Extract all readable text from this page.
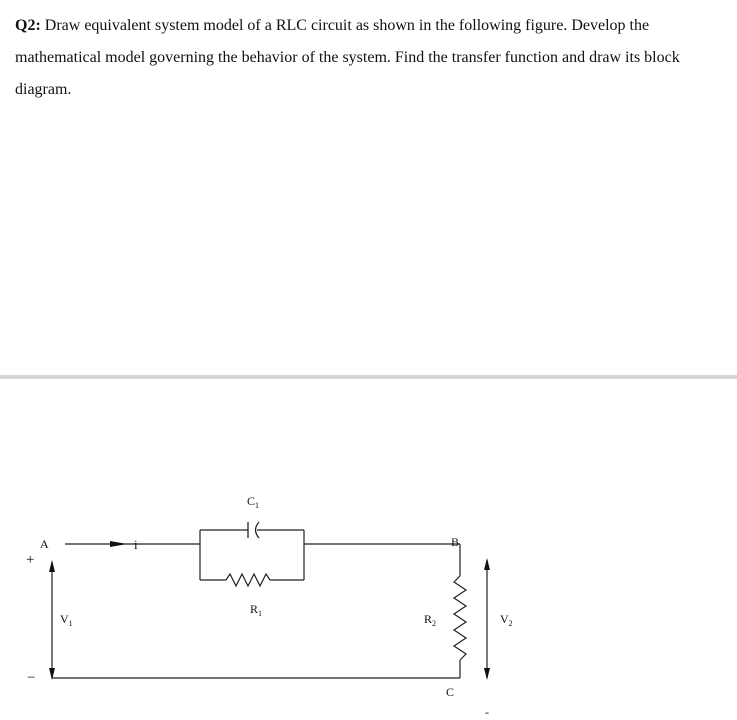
Q2: Draw equivalent system model of a RLC circuit as shown in the following figure. Develop the mathematical model governing the behavior of the system. Find the transfer function and draw its block diagram.

i
A
$C_1$
$R_1$
B
$R_2$
C
+
−
$V_1$	$V_2$
-
